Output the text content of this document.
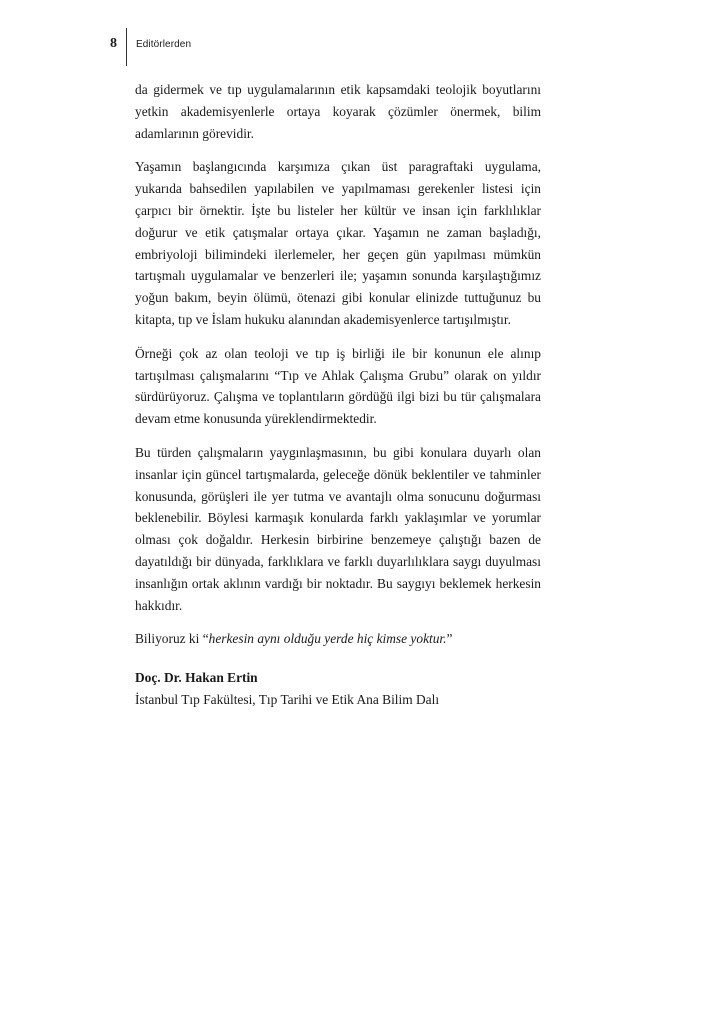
8 Editörlerden

da gidermek ve tıp uygulamalarının etik kapsamdaki teolojik boyutlarını yetkin akademisyenlerle ortaya koyarak çözümler önermek, bilim adamlarının görevidir.

Yaşamın başlangıcında karşımıza çıkan üst paragraftaki uygulama, yukarıda bahsedilen yapılabilen ve yapılmaması gerekenler listesi için çarpıcı bir örnektir. İşte bu listeler her kültür ve insan için farklılıklar doğurur ve etik çatışmalar ortaya çıkar. Yaşamın ne zaman başladığı, embriyoloji bilimindeki ilerlemeler, her geçen gün yapılması mümkün tartışmalı uygulamalar ve benzerleri ile; yaşamın sonunda karşılaştığımız yoğun bakım, beyin ölümü, ötenazi gibi konular elinizde tuttuğunuz bu kitapta, tıp ve İslam hukuku alanından akademisyenlerce tartışılmıştır.

Örneği çok az olan teoloji ve tıp iş birliği ile bir konunun ele alınıp tartışılması çalışmalarını “Tıp ve Ahlak Çalışma Grubu” olarak on yıldır sürdürüyoruz. Çalışma ve toplantıların gördüğü ilgi bizi bu tür çalışmalara devam etme konusunda yüreklendirmektedir.

Bu türden çalışmaların yaygınlaşmasının, bu gibi konulara duyarlı olan insanlar için güncel tartışmalarda, geleceğe dönük beklentiler ve tahminler konusunda, görüşleri ile yer tutma ve avantajlı olma sonucunu doğurması beklenebilir. Böylesi karmaşık konularda farklı yaklaşımlar ve yorumlar olması çok doğaldır. Herkesin birbirine benzemeye çalıştığı bazen de dayatıldığı bir dünyada, farklıklara ve farklı duyarlılıklara saygı duyulması insanlığın ortak aklının vardığı bir noktadır. Bu saygıyı beklemek herkesin hakkıdır.

Biliyoruz ki “herkesin aynı olduğu yerde hiç kimse yoktur.”

Doç. Dr. Hakan Ertin
İstanbul Tıp Fakültesi, Tıp Tarihi ve Etik Ana Bilim Dalı
